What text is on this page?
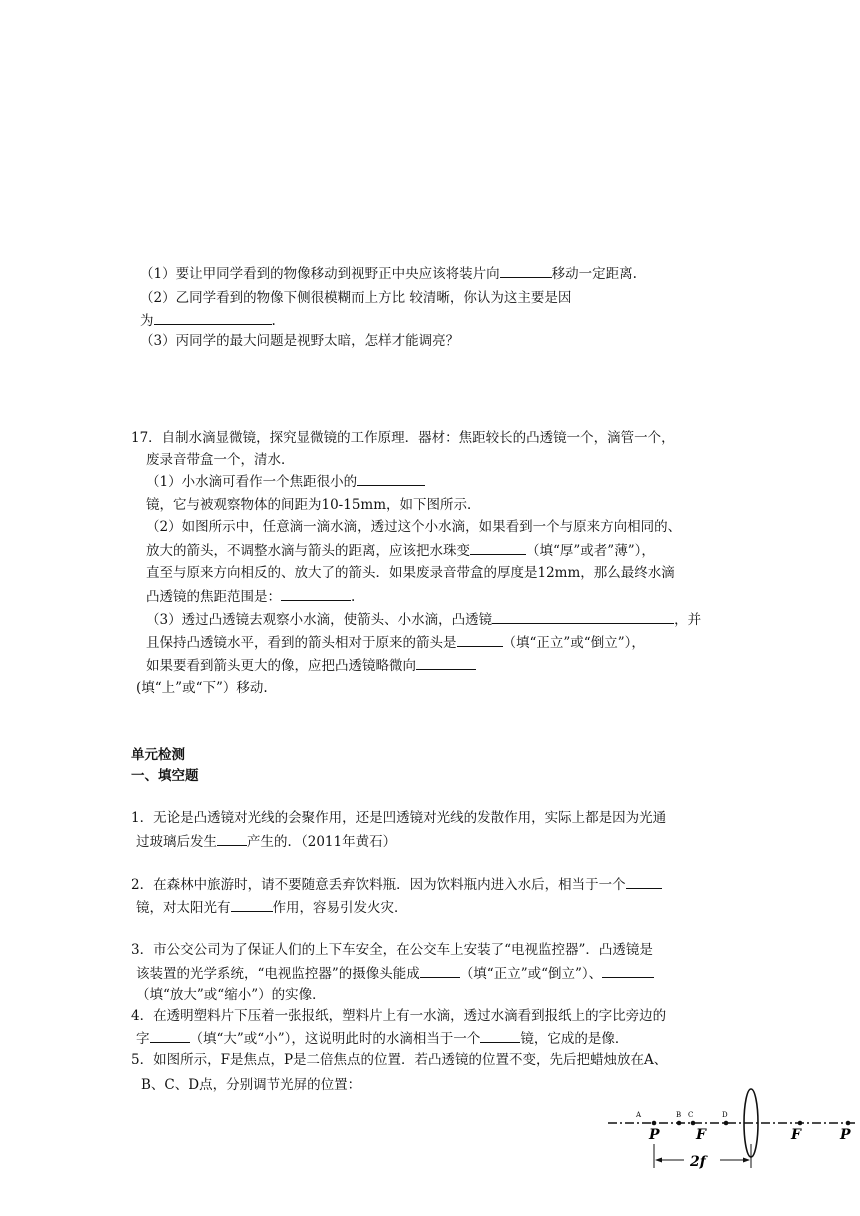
（1）要让甲同学看到的物像移动到视野正中央应该将装片向	移动一定距离.
（2）乙同学看到的物像下侧很模糊而上方比 较清晰，你认为这主要是因
为	.
（3）丙同学的最大问题是视野太暗，怎样才能调亮？
17．自制水滴显微镜，探究显微镜的工作原理．器材：焦距较长的凸透镜一个，滴管一个，
废录音带盒一个，清水．
（1）小水滴可看作一个焦距很小的
镜，它与被观察物体的间距为10-15mm，如下图所示．
（2）如图所示中，任意滴一滴水滴，透过这个小水滴，如果看到一个与原来方向相同的、
放大的箭头，不调整水滴与箭头的距离，应该把水珠变	（填“厚”或者”薄”），
直至与原来方向相反的、放大了的箭头．如果废录音带盒的厚度是12mm，那么最终水滴
凸透镜的焦距范围是：	.
（3）透过凸透镜去观察小水滴，使箭头、小水滴，凸透镜	，并
且保持凸透镜水平，看到的箭头相对于原来的箭头是	（填“正立”或“倒立”），
如果要看到箭头更大的像，应把凸透镜略微向
(填“上”或“下”）移动.
单元检测
一、填空题
1．无论是凸透镜对光线的会聚作用，还是凹透镜对光线的发散作用，实际上都是因为光通
过玻璃后发生 产生的．（2011年黄石）
2．在森林中旅游时，请不要随意丢弃饮料瓶．因为饮料瓶内进入水后，相当于一个
镜，对太阳光有	作用，容易引发火灾．
3．市公交公司为了保证人们的上下车安全，在公交车上安装了“电视监控器”．凸透镜是
该装置的光学系统，“电视监控器”的摄像头能成	（填“正立”或“倒立”）、
（填“放大”或“缩小”）的实像．
4．在透明塑料片下压着一张报纸，塑料片上有一水滴，透过水滴看到报纸上的字比旁边的
字	（填“大”或“小”），这说明此时的水滴相当于一个	镜，它成的是像．
5．如图所示，F是焦点，P是二倍焦点的位置．若凸透镜的位置不变，先后把蜡烛放在A、
B、C、D点，分别调节光屏的位置：
A	B C	D
P	F	F	P
2f
